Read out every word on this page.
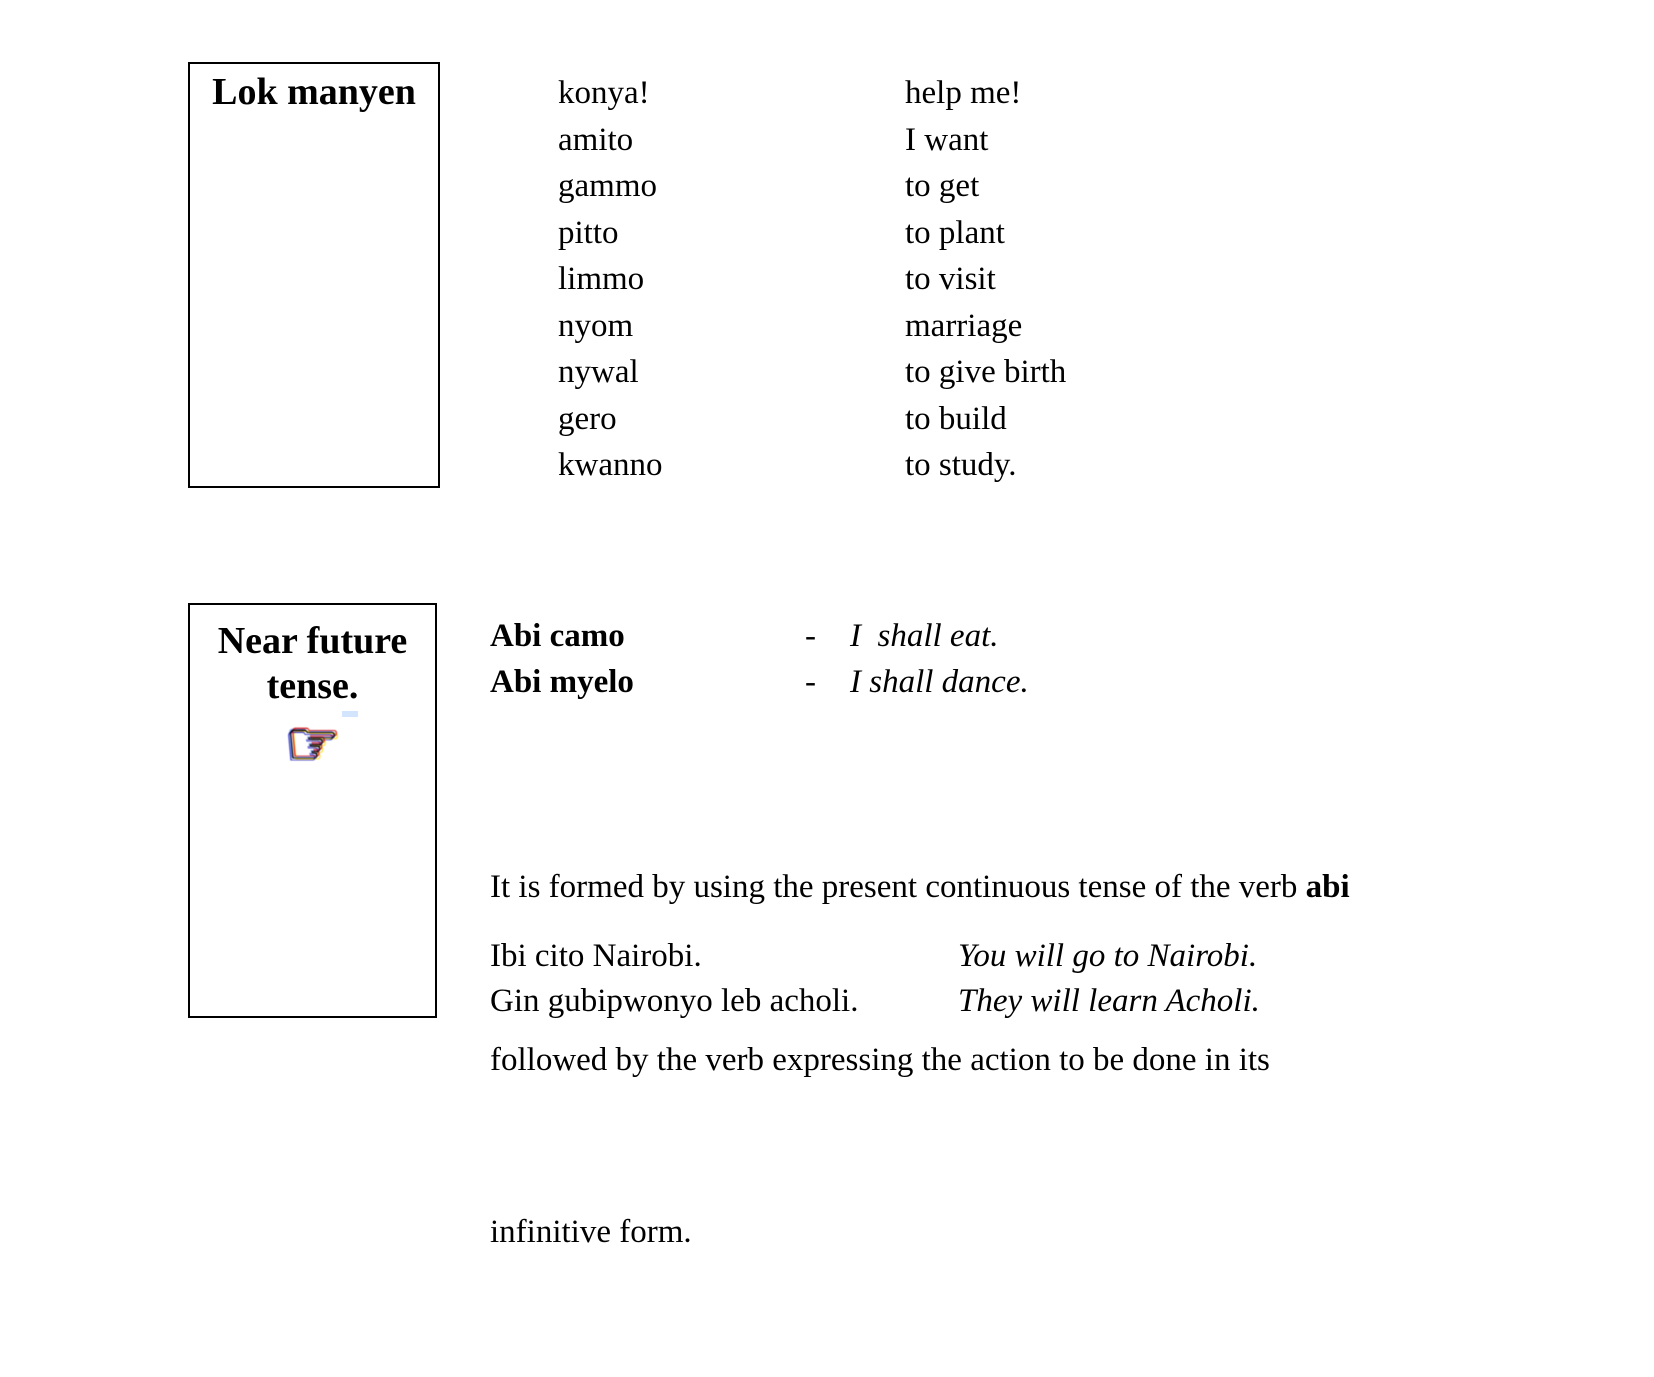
Lok manyen	konya!	help me!
amito	I want
gammo	to get
pitto	to plant
limmo	to visit
nyom	marriage
nywal	to give birth
gero	to build
kwanno	to study.
Near future
tense.
☞
Abi camo	-	I  shall eat.
Abi myelo	-	I shall dance.

It is formed by using the present continuous tense of the verb abi

followed by the verb expressing the action to be done in its

infinitive form.

Ibi cito Nairobi.	You will go to Nairobi.
Gin gubipwonyo leb acholi.	They will learn Acholi.
